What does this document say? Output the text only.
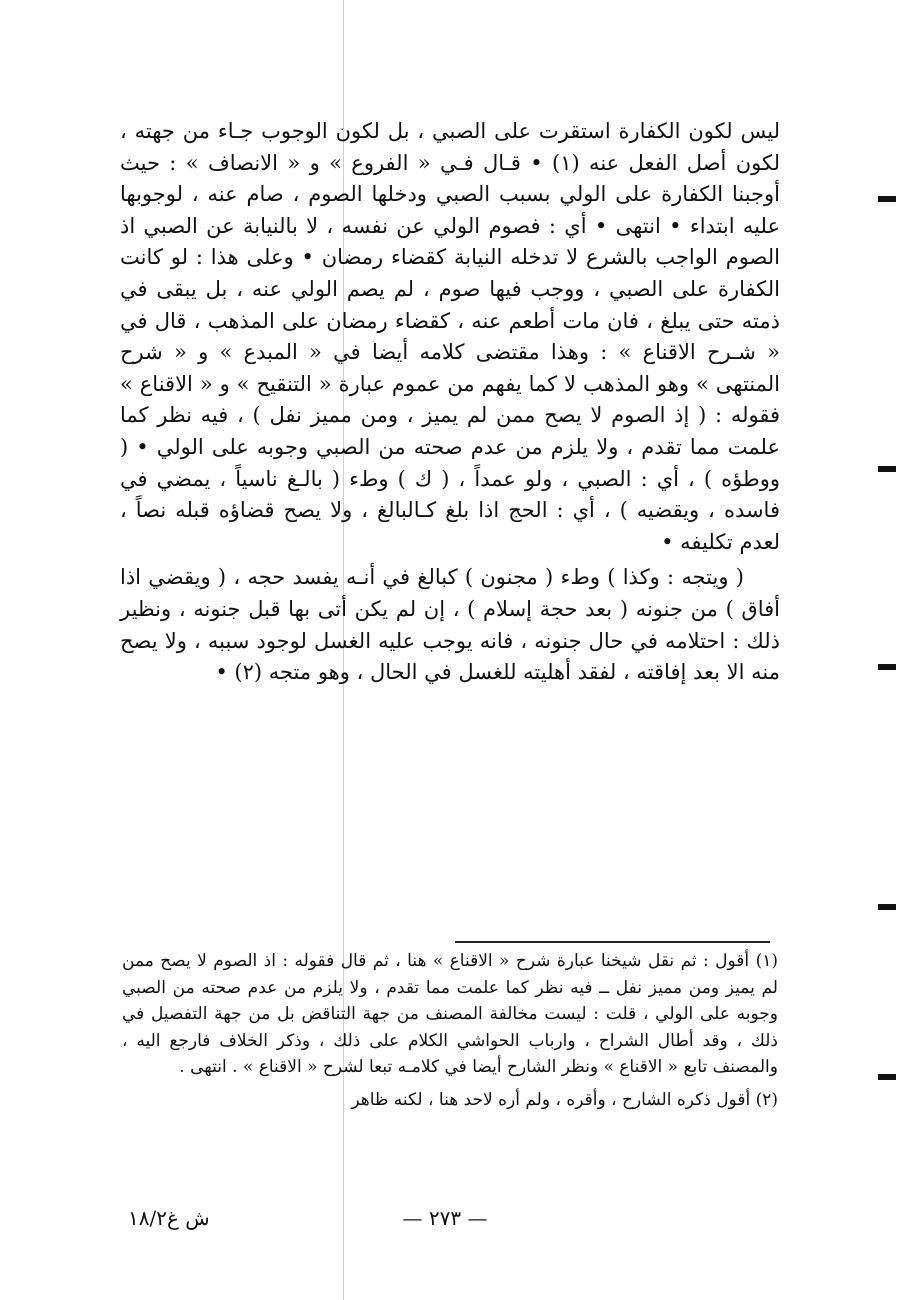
ليس لكون الكفارة استقرت على الصبي ، بل لكون الوجوب جـاء من جهته ، لكون أصل الفعل عنه (١) • قـال فـي « الفروع » و « الانصاف » : حيث أوجبنا الكفارة على الولي بسبب الصبي ودخلها الصوم ، صام عنه ، لوجوبها عليه ابتداء • انتهى • أي : فصوم الولي عن نفسه ، لا بالنيابة عن الصبي اذ الصوم الواجب بالشرع لا تدخله النيابة كقضاء رمضان • وعلى هذا : لو كانت الكفارة على الصبي ، ووجب فيها صوم ، لم يصم الولي عنه ، بل يبقى في ذمته حتى يبلغ ، فان مات أطعم عنه ، كقضاء رمضان على المذهب ، قال في « شـرح الاقناع » : وهذا مقتضى كلامه أيضا في « المبدع » و « شرح المنتهى » وهو المذهب لا كما يفهم من عموم عبارة « التنقيح » و « الاقناع » فقوله : ( إذ الصوم لا يصح ممن لم يميز ، ومن مميز نفل ) ، فيه نظر كما علمت مما تقدم ، ولا يلزم من عدم صحته من الصبي وجوبه على الولي • ( ووطؤه ) ، أي : الصبي ، ولو عمداً ، ( ك ) وطء ( بالـغ ناسياً ، يمضي في فاسده ، ويقضيه ) ، أي : الحج اذا بلغ كـالبالغ ، ولا يصح قضاؤه قبله نصاً ، لعدم تكليفه •

( ويتجه : وكذا ) وطء ( مجنون ) كبالغ في أنـه يفسد حجه ، ( ويقضي اذا أفاق ) من جنونه ( بعد حجة إسلام ) ، إن لم يكن أتى بها قبل جنونه ، ونظير ذلك : احتلامه في حال جنونه ، فانه يوجب عليه الغسل لوجود سببه ، ولا يصح منه الا بعد إفاقته ، لفقد أهليته للغسل في الحال ، وهو متجه (٢) •

(١) أقول : ثم نقل شيخنا عبارة شرح « الاقناع » هنا ، ثم قال فقوله : اذ الصوم لا يصح ممن لم يميز ومن مميز نفل ــ فيه نظر كما علمت مما تقدم ، ولا يلزم من عدم صحته من الصبي وجوبه على الولي ، قلت : ليست مخالفة المصنف من جهة التناقض بل من جهة التفصيل في ذلك ، وقد أطال الشراح ، وارباب الحواشي الكلام على ذلك ، وذكر الخلاف فارجع اليه ، والمصنف تابع « الاقناع » ونظر الشارح أيضا في كلامـه تبعا لشرح « الاقناع » . انتهى .

(٢) أقول ذكره الشارح ، وأقره ، ولم أره لاحد هنا ، لكنه ظاهر

ش غ١٨/٢	— ٢٧٣ —
